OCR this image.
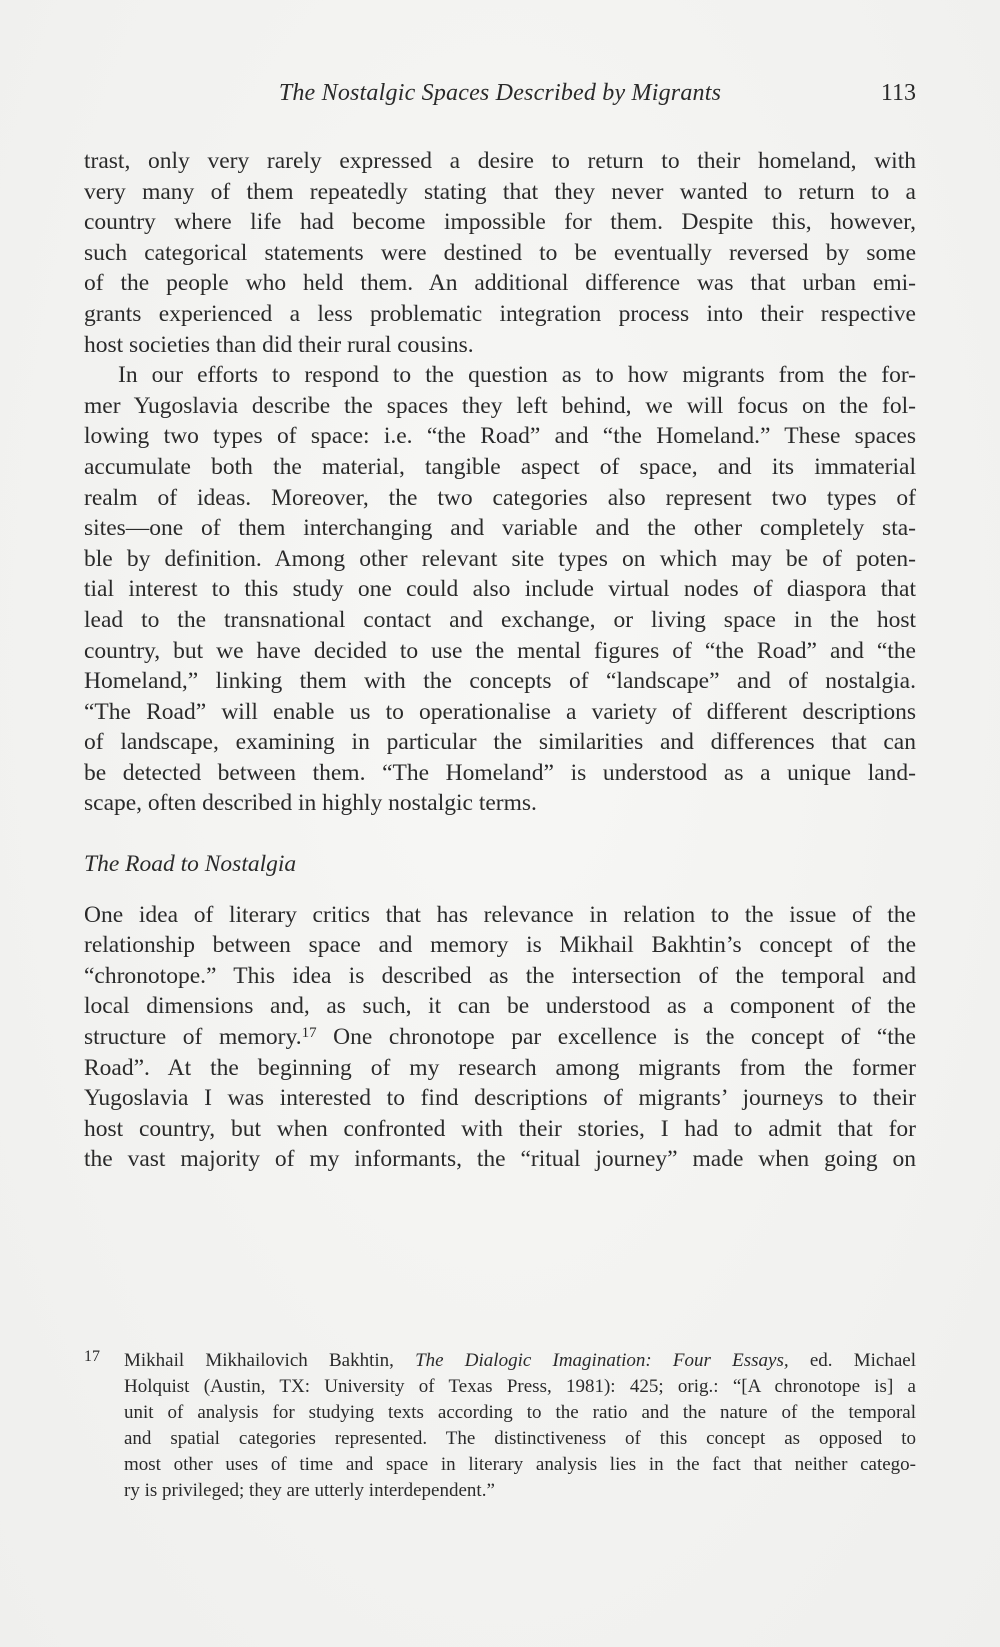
The Nostalgic Spaces Described by Migrants	113
trast, only very rarely expressed a desire to return to their homeland, with
very many of them repeatedly stating that they never wanted to return to a
country where life had become impossible for them. Despite this, however,
such categorical statements were destined to be eventually reversed by some
of the people who held them. An additional difference was that urban emi-
grants experienced a less problematic integration process into their respective
host societies than did their rural cousins.
In our efforts to respond to the question as to how migrants from the for-
mer Yugoslavia describe the spaces they left behind, we will focus on the fol-
lowing two types of space: i.e. “the Road” and “the Homeland.” These spaces
accumulate both the material, tangible aspect of space, and its immaterial
realm of ideas. Moreover, the two categories also represent two types of
sites—one of them interchanging and variable and the other completely sta-
ble by definition. Among other relevant site types on which may be of poten-
tial interest to this study one could also include virtual nodes of diaspora that
lead to the transnational contact and exchange, or living space in the host
country, but we have decided to use the mental figures of “the Road” and “the
Homeland,” linking them with the concepts of “landscape” and of nostalgia.
“The Road” will enable us to operationalise a variety of different descriptions
of landscape, examining in particular the similarities and differences that can
be detected between them. “The Homeland” is understood as a unique land-
scape, often described in highly nostalgic terms.
The Road to Nostalgia
One idea of literary critics that has relevance in relation to the issue of the
relationship between space and memory is Mikhail Bakhtin’s concept of the
“chronotope.” This idea is described as the intersection of the temporal and
local dimensions and, as such, it can be understood as a component of the
structure of memory.$^{17}$ One chronotope par excellence is the concept of “the
Road”. At the beginning of my research among migrants from the former
Yugoslavia I was interested to find descriptions of migrants’ journeys to their
host country, but when confronted with their stories, I had to admit that for
the vast majority of my informants, the “ritual journey” made when going on
17 Mikhail Mikhailovich Bakhtin, The Dialogic Imagination: Four Essays, ed. Michael
Holquist (Austin, TX: University of Texas Press, 1981): 425; orig.: “[A chronotope is] a
unit of analysis for studying texts according to the ratio and the nature of the temporal
and spatial categories represented. The distinctiveness of this concept as opposed to
most other uses of time and space in literary analysis lies in the fact that neither catego-
ry is privileged; they are utterly interdependent.”
